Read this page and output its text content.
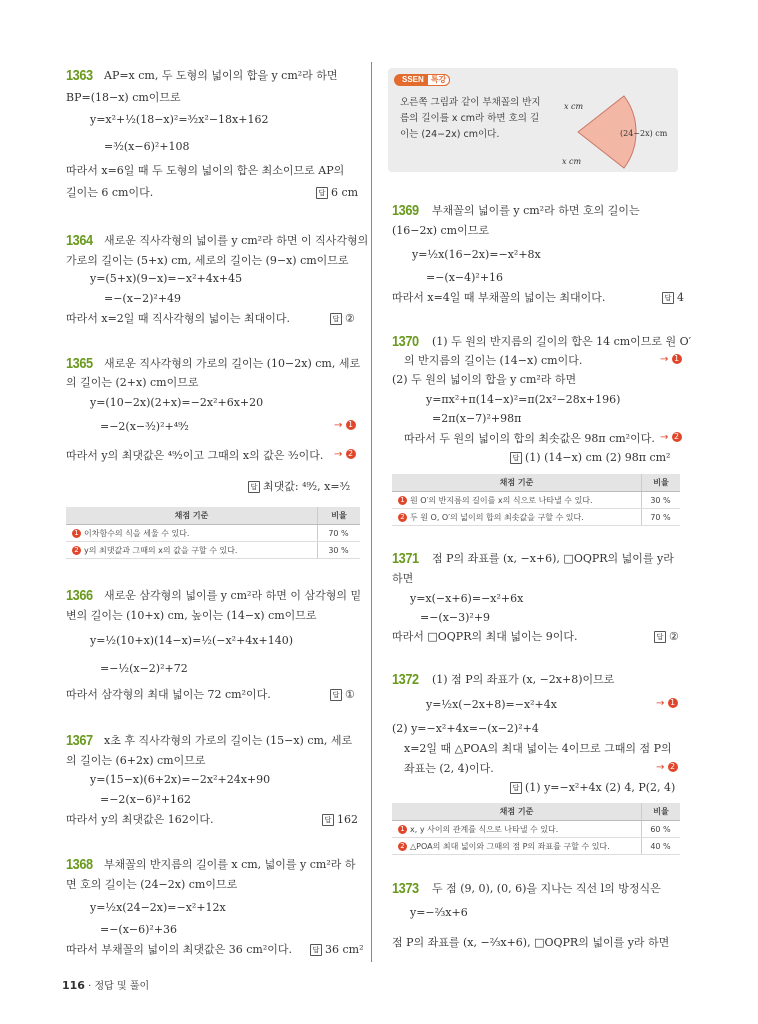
1363 AP=x cm, 두 도형의 넓이의 합을 y cm²라 하면
BP=(18−x) cm이므로
y=x²+½(18−x)²=³⁄₂x²−18x+162
=³⁄₂(x−6)²+108
따라서 x=6일 때 두 도형의 넓이의 합은 최소이므로 AP의
길이는 6 cm이다.	답 6 cm
1364 새로운 직사각형의 넓이를 y cm²라 하면 이 직사각형의
가로의 길이는 (5+x) cm, 세로의 길이는 (9−x) cm이므로
y=(5+x)(9−x)=−x²+4x+45
=−(x−2)²+49
따라서 x=2일 때 직사각형의 넓이는 최대이다.	답 ②
1365 새로운 직사각형의 가로의 길이는 (10−2x) cm, 세로
의 길이는 (2+x) cm이므로
y=(10−2x)(2+x)=−2x²+6x+20
=−2(x−³⁄₂)²+⁴⁹⁄₂	→ 1
따라서 y의 최댓값은 ⁴⁹⁄₂이고 그때의 x의 값은 ³⁄₂이다. → 2
답 최댓값: ⁴⁹⁄₂, x=³⁄₂
채점 기준	비율
1 이차함수의 식을 세울 수 있다.	70 %
2 y의 최댓값과 그때의 x의 값을 구할 수 있다.	30 %
1366 새로운 삼각형의 넓이를 y cm²라 하면 이 삼각형의 밑
변의 길이는 (10+x) cm, 높이는 (14−x) cm이므로
y=½(10+x)(14−x)=½(−x²+4x+140)
=−½(x−2)²+72
따라서 삼각형의 최대 넓이는 72 cm²이다.	답 ①
1367 x초 후 직사각형의 가로의 길이는 (15−x) cm, 세로
의 길이는 (6+2x) cm이므로
y=(15−x)(6+2x)=−2x²+24x+90
=−2(x−6)²+162
따라서 y의 최댓값은 162이다.	답 162
1368 부채꼴의 반지름의 길이를 x cm, 넓이를 y cm²라 하
면 호의 길이는 (24−2x) cm이므로
y=½x(24−2x)=−x²+12x
=−(x−6)²+36
따라서 부채꼴의 넓이의 최댓값은 36 cm²이다.	답 36 cm²
SSEN 특강
오른쪽 그림과 같이 부채꼴의 반지
름의 길이를 x cm라 하면 호의 길
이는 (24−2x) cm이다.
x cm
x cm
(24−2x) cm
1369 부채꼴의 넓이를 y cm²라 하면 호의 길이는
(16−2x) cm이므로
y=½x(16−2x)=−x²+8x
=−(x−4)²+16
따라서 x=4일 때 부채꼴의 넓이는 최대이다.	답 4
1370 (1) 두 원의 반지름의 길이의 합은 14 cm이므로 원 O′
의 반지름의 길이는 (14−x) cm이다.	→ 1
(2) 두 원의 넓이의 합을 y cm²라 하면
y=πx²+π(14−x)²=π(2x²−28x+196)
=2π(x−7)²+98π
따라서 두 원의 넓이의 합의 최솟값은 98π cm²이다. → 2
답 (1) (14−x) cm (2) 98π cm²
채점 기준	비율
1 원 O′의 반지름의 길이를 x의 식으로 나타낼 수 있다.	30 %
2 두 원 O, O′의 넓이의 합의 최솟값을 구할 수 있다.	70 %
1371 점 P의 좌표를 (x, −x+6), □OQPR의 넓이를 y라
하면
y=x(−x+6)=−x²+6x
=−(x−3)²+9
따라서 □OQPR의 최대 넓이는 9이다.	답 ②
1372 (1) 점 P의 좌표가 (x, −2x+8)이므로
y=½x(−2x+8)=−x²+4x	→ 1
(2) y=−x²+4x=−(x−2)²+4
x=2일 때 △POA의 최대 넓이는 4이므로 그때의 점 P의
좌표는 (2, 4)이다.	→ 2
답 (1) y=−x²+4x (2) 4, P(2, 4)
채점 기준	비율
1 x, y 사이의 관계를 식으로 나타낼 수 있다.	60 %
2 △POA의 최대 넓이와 그때의 점 P의 좌표를 구할 수 있다.	40 %
1373 두 점 (9, 0), (0, 6)을 지나는 직선 l의 방정식은
y=−²⁄₃x+6
점 P의 좌표를 (x, −²⁄₃x+6), □OQPR의 넓이를 y라 하면
116 · 정답 및 풀이
